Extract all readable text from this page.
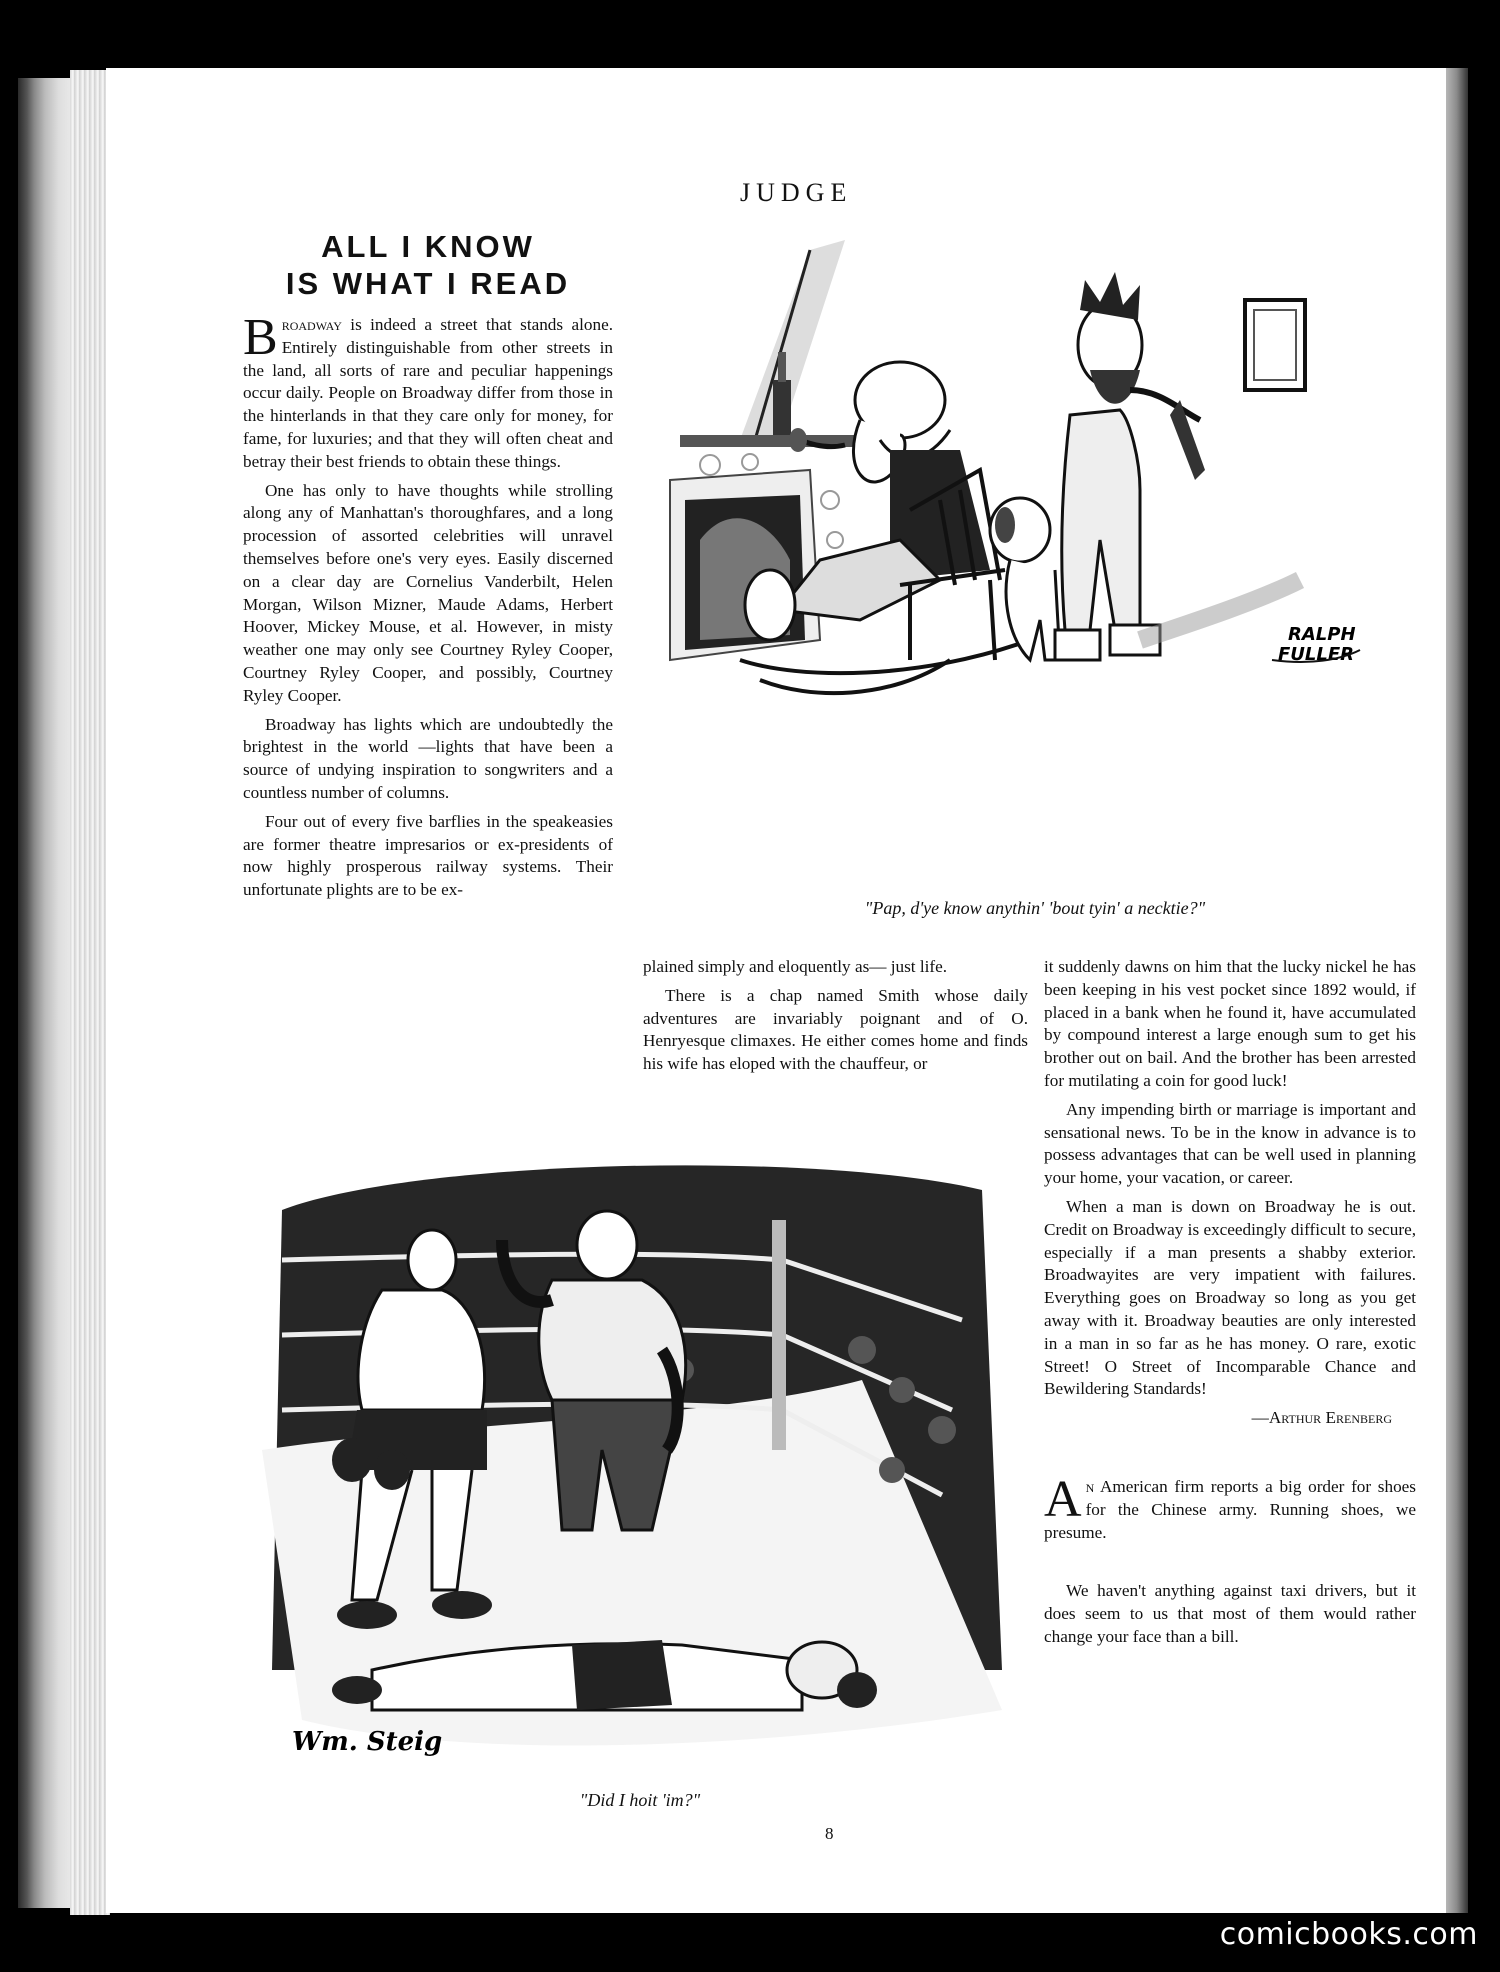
JUDGE
ALL I KNOW
IS WHAT I READ

Broadway is indeed a street that stands alone. Entirely distinguishable from other streets in the land, all sorts of rare and peculiar happenings occur daily. People on Broadway differ from those in the hinterlands in that they care only for money, for fame, for luxuries; and that they will often cheat and betray their best friends to obtain these things.

One has only to have thoughts while strolling along any of Manhattan's thoroughfares, and a long procession of assorted celebrities will unravel themselves before one's very eyes. Easily discerned on a clear day are Cornelius Vanderbilt, Helen Morgan, Wilson Mizner, Maude Adams, Herbert Hoover, Mickey Mouse, et al. However, in misty weather one may only see Courtney Ryley Cooper, Courtney Ryley Cooper, and possibly, Courtney Ryley Cooper.

Broadway has lights which are undoubtedly the brightest in the world —lights that have been a source of undying inspiration to songwriters and a countless number of columns.

Four out of every five barflies in the speakeasies are former theatre impresarios or ex-presidents of now highly prosperous railway systems. Their unfortunate plights are to be ex-

plained simply and eloquently as— just life.

There is a chap named Smith whose daily adventures are invariably poignant and of O. Henryesque climaxes. He either comes home and finds his wife has eloped with the chauffeur, or

it suddenly dawns on him that the lucky nickel he has been keeping in his vest pocket since 1892 would, if placed in a bank when he found it, have accumulated by compound interest a large enough sum to get his brother out on bail. And the brother has been arrested for mutilating a coin for good luck!

Any impending birth or marriage is important and sensational news. To be in the know in advance is to possess advantages that can be well used in planning your home, your vacation, or career.

When a man is down on Broadway he is out. Credit on Broadway is exceedingly difficult to secure, especially if a man presents a shabby exterior. Broadwayites are very impatient with failures. Everything goes on Broadway so long as you get away with it. Broadway beauties are only interested in a man in so far as he has money. O rare, exotic Street! O Street of Incomparable Chance and Bewildering Standards!

—Arthur Erenberg

An American firm reports a big order for shoes for the Chinese army. Running shoes, we presume.

We haven't anything against taxi drivers, but it does seem to us that most of them would rather change your face than a bill.

RALPH FULLER
"Pap, d'ye know anythin' 'bout tyin' a necktie?"
Wm. Steig
"Did I hoit 'im?"
8
comicbooks.com
